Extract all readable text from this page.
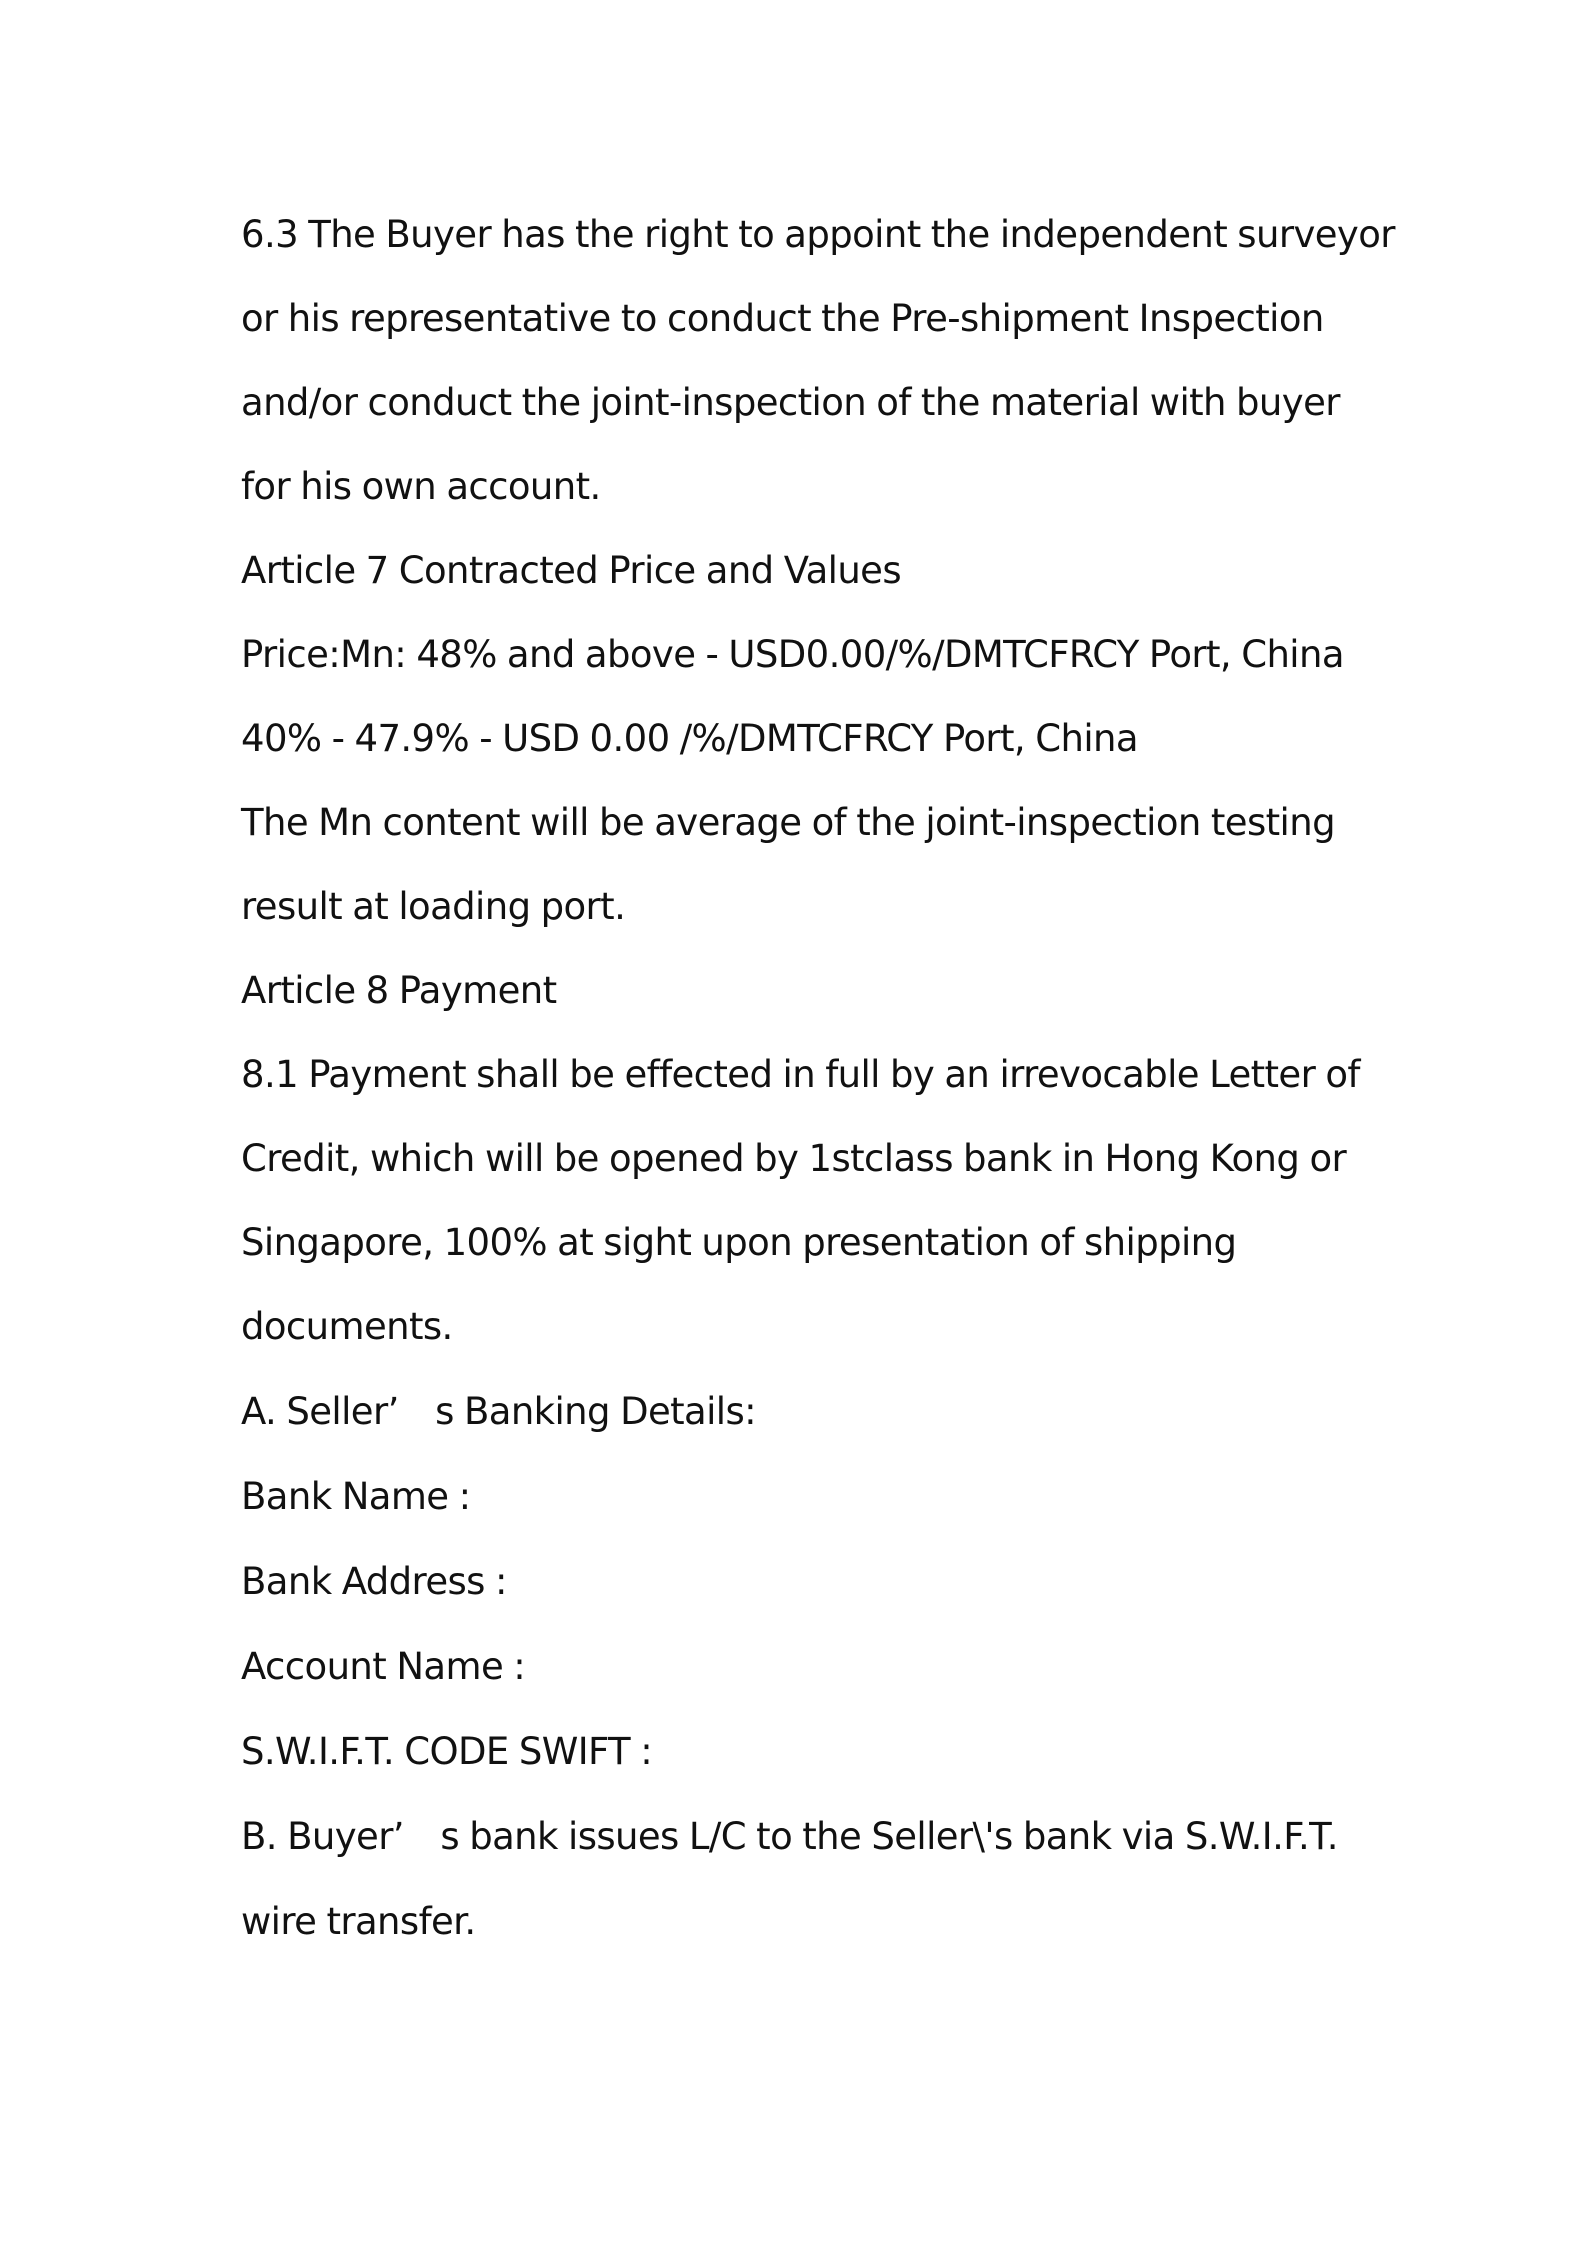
6.3 The Buyer has the right to appoint the independent surveyor
or his representative to conduct the Pre-shipment Inspection
and/or conduct the joint-inspection of the material with buyer
for his own account.
Article 7 Contracted Price and Values
Price:Mn: 48% and above - USD0.00/%/DMTCFRCY Port, China
40% - 47.9% - USD 0.00 /%/DMTCFRCY Port, China
The Mn content will be average of the joint-inspection testing
result at loading port.
Article 8 Payment
8.1 Payment shall be effected in full by an irrevocable Letter of
Credit, which will be opened by 1stclass bank in Hong Kong or
Singapore, 100% at sight upon presentation of shipping
documents.
A. Seller’　s Banking Details:
Bank Name :
Bank Address :
Account Name :
S.W.I.F.T. CODE SWIFT :
B. Buyer’　s bank issues L/C to the Seller\'s bank via S.W.I.F.T.
wire transfer.
